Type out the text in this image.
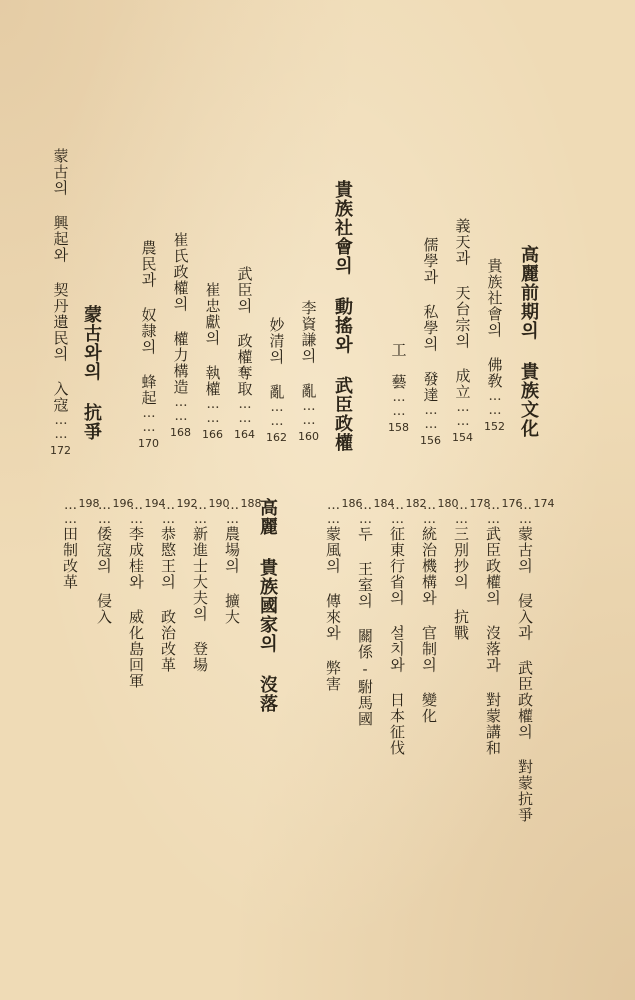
高麗前期의 貴族文化
貴族社會의 佛敎……152
義天과 天台宗의 成立……154
儒學과 私學의 發達……156
工　藝……158
貴族社會의 動搖와 武臣政權
李資謙의 亂……160
妙清의 亂……162
武臣의 政權奪取……164
崔忠獻의 執權……166
崔氏政權의 權力構造……168
農民과 奴隷의 蜂起……170
蒙古와의 抗爭
蒙古의 興起와 契丹遺民의 入寇……172
174
……蒙古의 侵入과 武臣政權의 對蒙抗爭
176
……武臣政權의 沒落과 對蒙講和
178
……三別抄의 抗戰
180
……統治機構와 官制의 變化
182
……征東行省의 설치와 日本征伐
184
……두 王室의 關係-駙馬國
186
……蒙風의 傳來와 弊害
高麗 貴族國家의 沒落
188
……農場의 擴大
190
……新進士大夫의 登場
192
……恭愍王의 政治改革
194
……李成桂와 威化島回軍
196
……倭寇의 侵入
198
……田制改革
